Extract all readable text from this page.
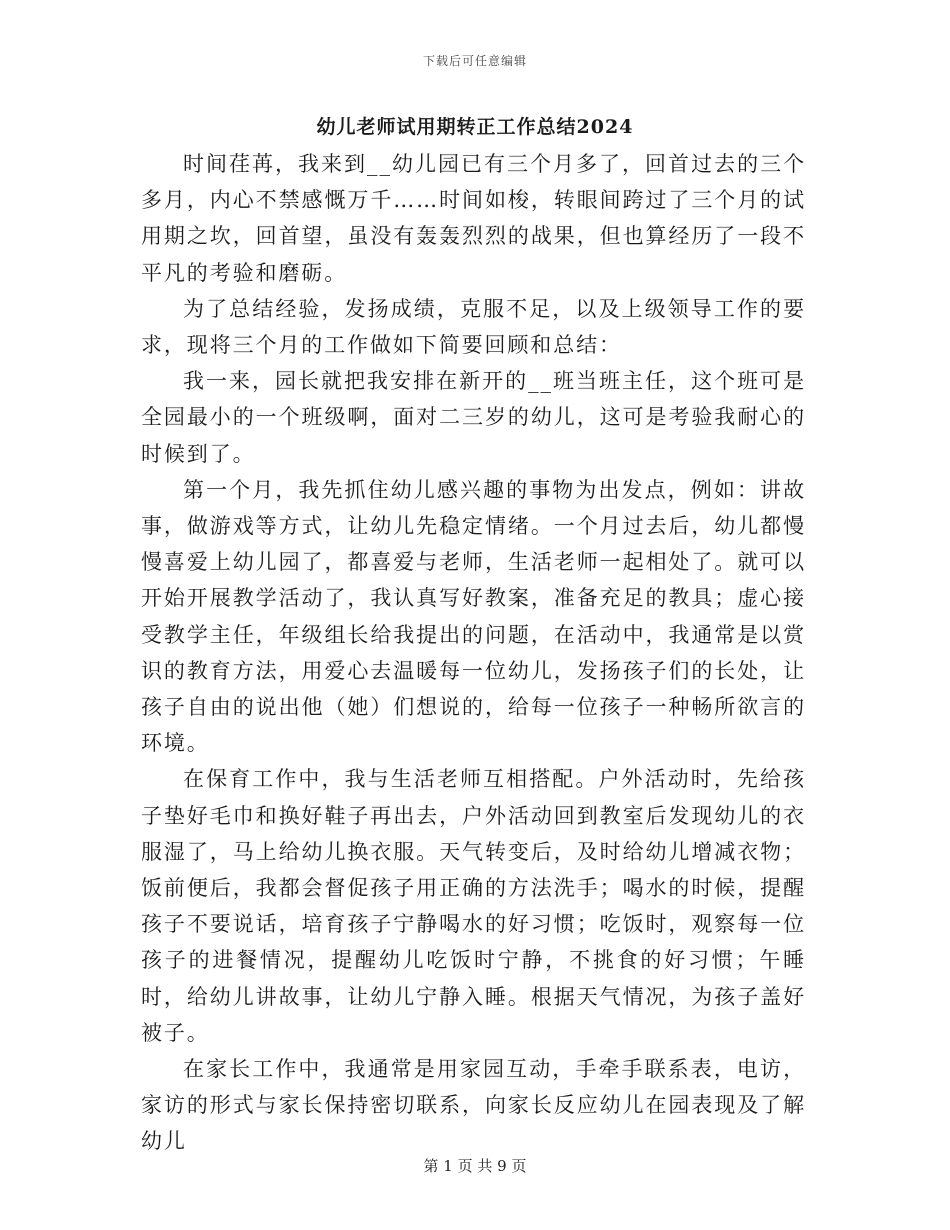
下载后可任意编辑
幼儿老师试用期转正工作总结2024

时间荏苒，我来到__幼儿园已有三个月多了，回首过去的三个多月，内心不禁感慨万千……时间如梭，转眼间跨过了三个月的试用期之坎，回首望，虽没有轰轰烈烈的战果，但也算经历了一段不平凡的考验和磨砺。

为了总结经验，发扬成绩，克服不足，以及上级领导工作的要求，现将三个月的工作做如下简要回顾和总结：

我一来，园长就把我安排在新开的__班当班主任，这个班可是全园最小的一个班级啊，面对二三岁的幼儿，这可是考验我耐心的时候到了。

第一个月，我先抓住幼儿感兴趣的事物为出发点，例如：讲故事，做游戏等方式，让幼儿先稳定情绪。一个月过去后，幼儿都慢慢喜爱上幼儿园了，都喜爱与老师，生活老师一起相处了。就可以开始开展教学活动了，我认真写好教案，准备充足的教具；虚心接受教学主任，年级组长给我提出的问题，在活动中，我通常是以赏识的教育方法，用爱心去温暖每一位幼儿，发扬孩子们的长处，让孩子自由的说出他（她）们想说的，给每一位孩子一种畅所欲言的环境。

在保育工作中，我与生活老师互相搭配。户外活动时，先给孩子垫好毛巾和换好鞋子再出去，户外活动回到教室后发现幼儿的衣服湿了，马上给幼儿换衣服。天气转变后，及时给幼儿增减衣物；饭前便后，我都会督促孩子用正确的方法洗手；喝水的时候，提醒孩子不要说话，培育孩子宁静喝水的好习惯；吃饭时，观察每一位孩子的进餐情况，提醒幼儿吃饭时宁静，不挑食的好习惯；午睡时，给幼儿讲故事，让幼儿宁静入睡。根据天气情况，为孩子盖好被子。

在家长工作中，我通常是用家园互动，手牵手联系表，电访，家访的形式与家长保持密切联系，向家长反应幼儿在园表现及了解幼儿

第 1 页 共 9 页
